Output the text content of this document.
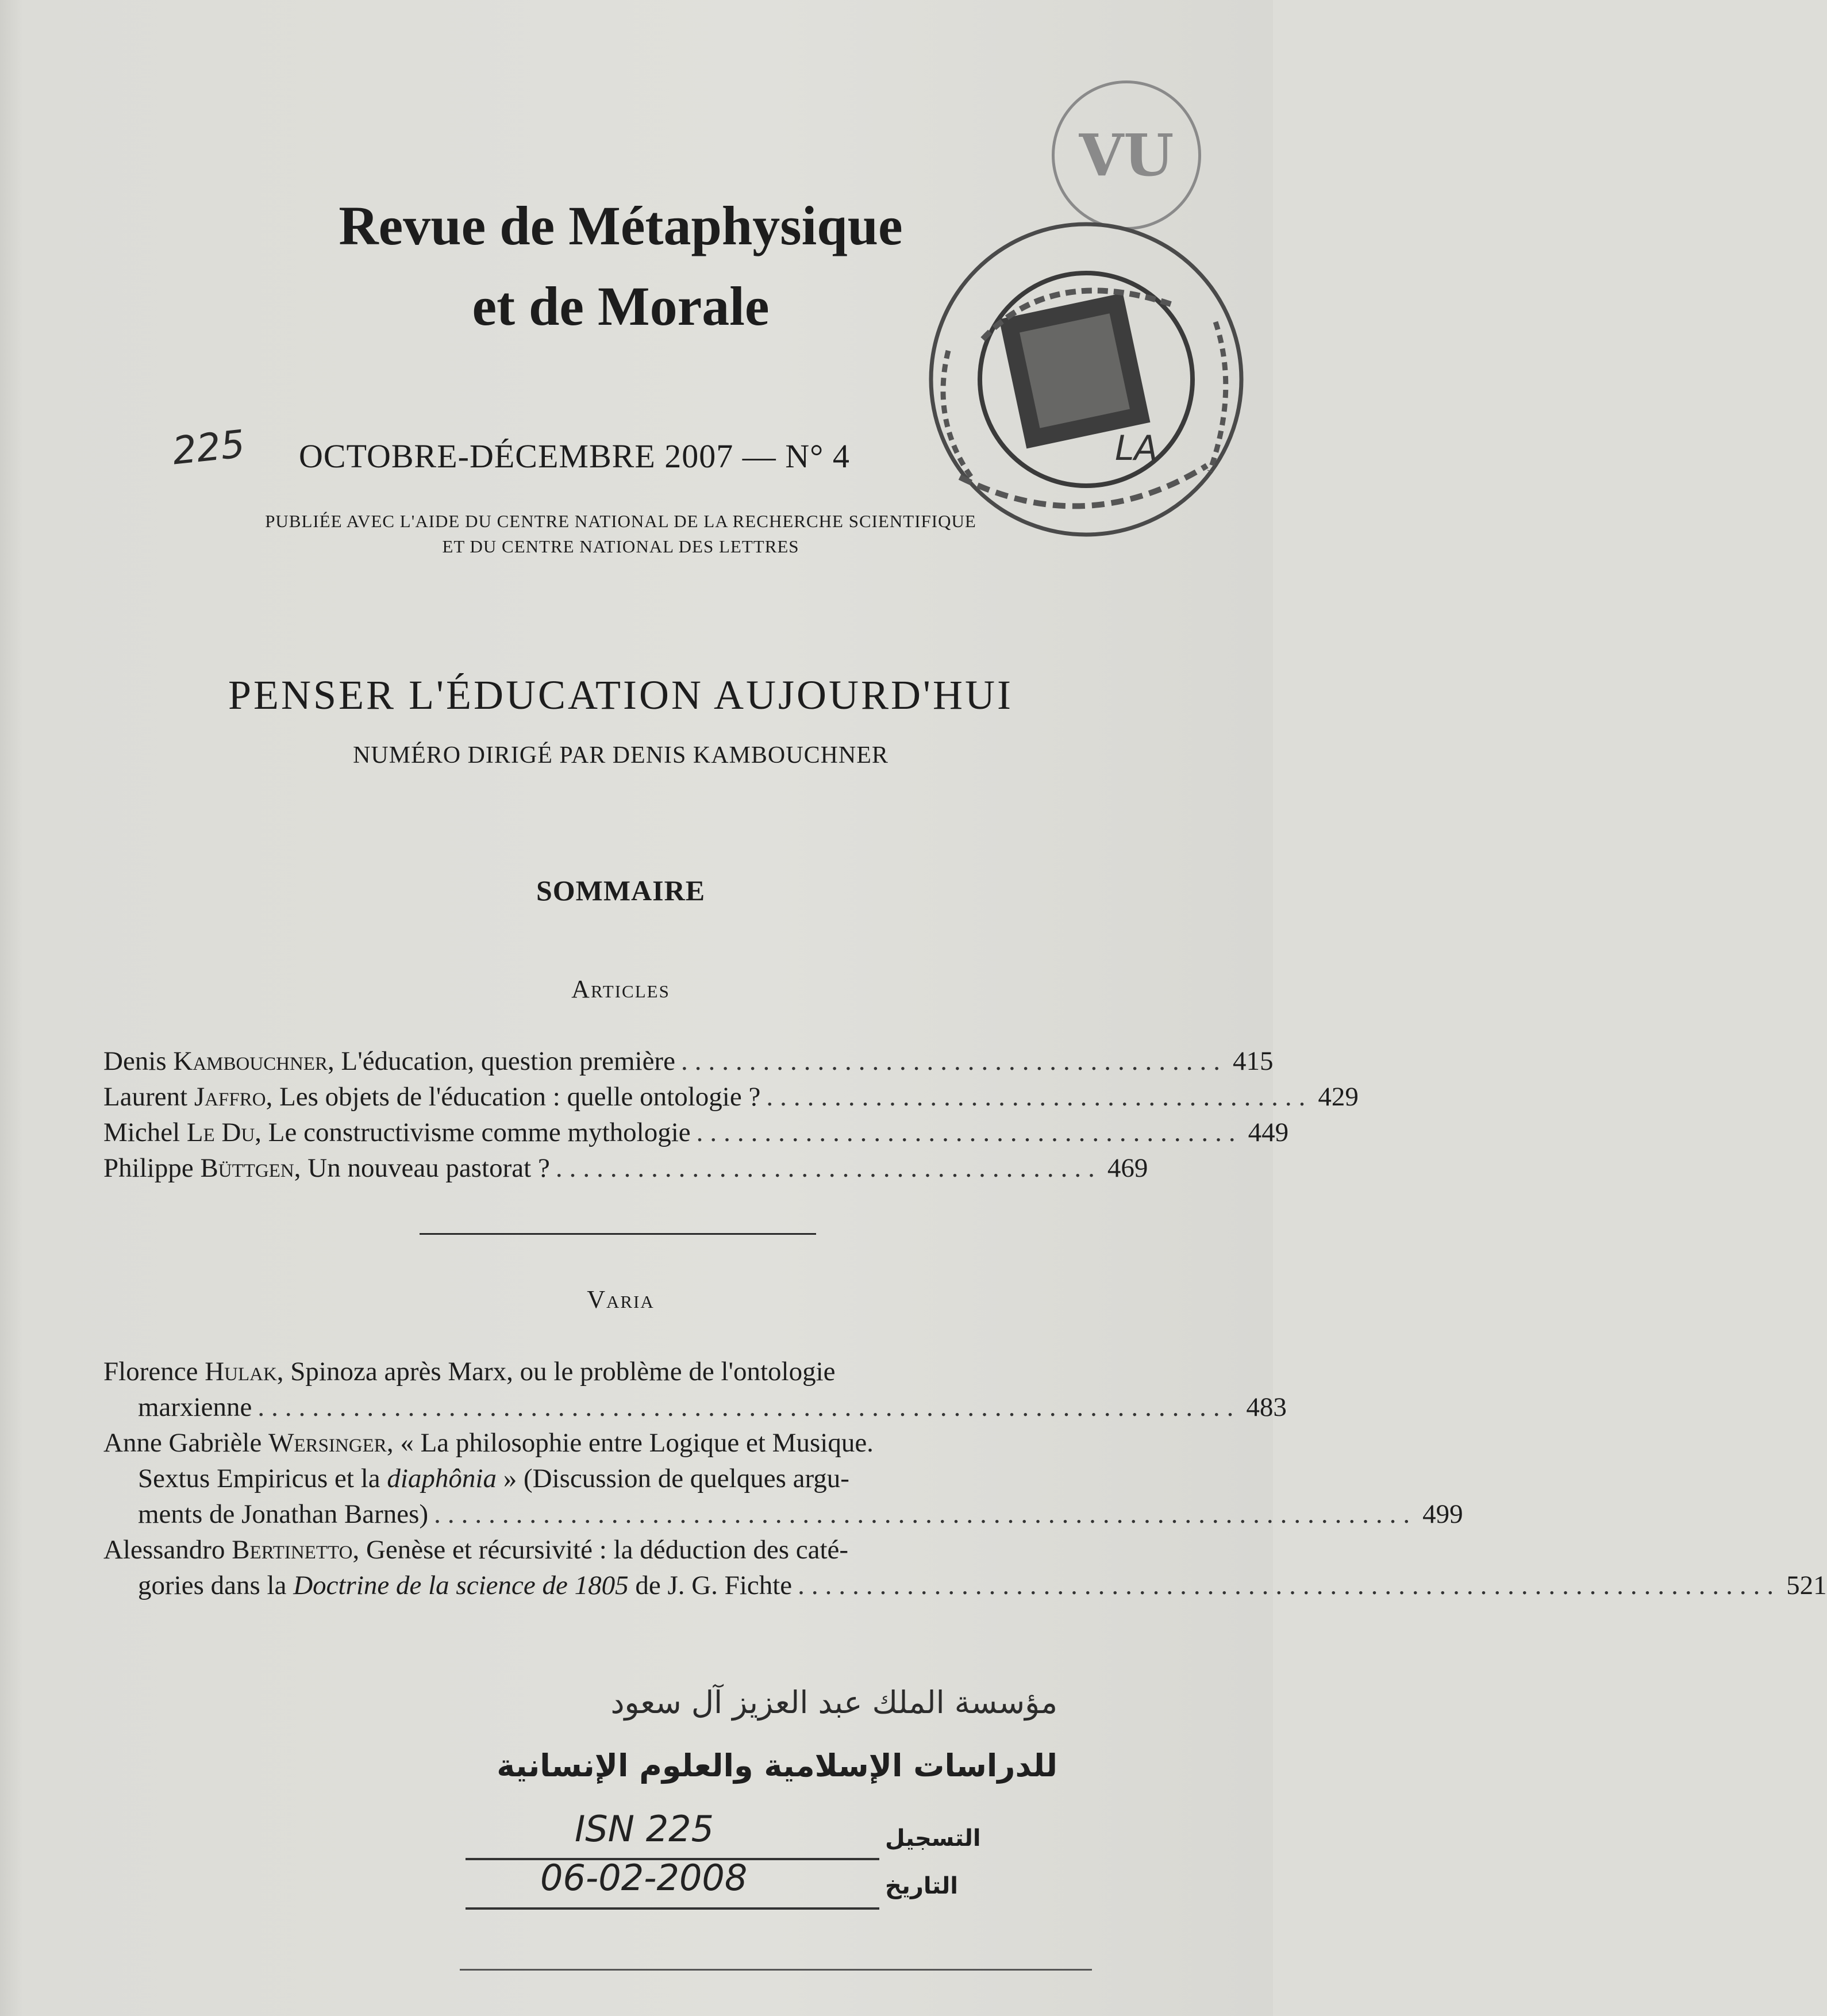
Revue de Métaphysique
et de Morale
VU
LA
225 OCTOBRE-DÉCEMBRE 2007 — N° 4
PUBLIÉE AVEC L'AIDE DU CENTRE NATIONAL DE LA RECHERCHE SCIENTIFIQUE
ET DU CENTRE NATIONAL DES LETTRES
PENSER L'ÉDUCATION AUJOURD'HUI
NUMÉRO DIRIGÉ PAR DENIS KAMBOUCHNER
SOMMAIRE
Articles
Denis Kambouchner, L'éducation, question première ........................................ 415
Laurent Jaffro, Les objets de l'éducation : quelle ontologie ? ........................................ 429
Michel Le Du, Le constructivisme comme mythologie ........................................ 449
Philippe Büttgen, Un nouveau pastorat ? ........................................ 469
Varia
Florence Hulak, Spinoza après Marx, ou le problème de l'ontologie
marxienne ........................................................................ 483
Anne Gabrièle Wersinger, « La philosophie entre Logique et Musique.
Sextus Empiricus et la diaphônia » (Discussion de quelques argu-
ments de Jonathan Barnes) ........................................................................ 499
Alessandro Bertinetto, Genèse et récursivité : la déduction des caté-
gories dans la Doctrine de la science de 1805 de J. G. Fichte ........................................................................ 521
مؤسسة الملك عبد العزيز آل سعود
للدراسات الإسلامية والعلوم الإنسانية
ISN 225	التسجيل
06-02-2008	التاريخ
